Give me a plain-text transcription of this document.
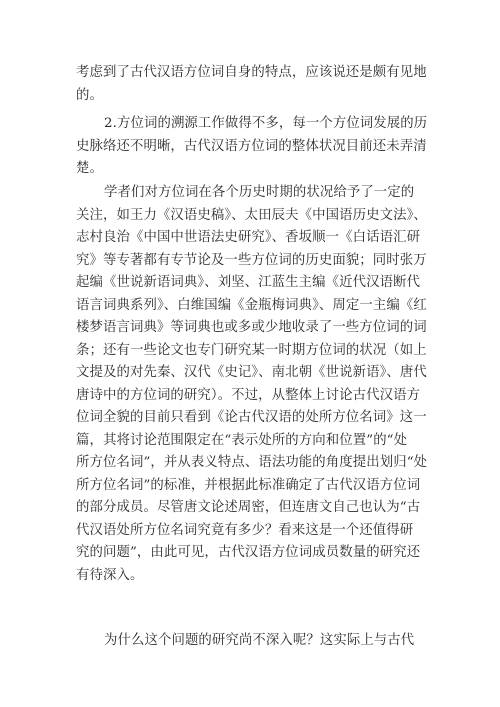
考虑到了古代汉语方位词自身的特点，应该说还是颇有见地
的。
2.方位词的溯源工作做得不多，每一个方位词发展的历
史脉络还不明晰，古代汉语方位词的整体状况目前还未弄清
楚。
学者们对方位词在各个历史时期的状况给予了一定的
关注，如王力《汉语史稿》、太田辰夫《中国语历史文法》、
志村良治《中国中世语法史研究》、香坂顺一《白话语汇研
究》等专著都有专节论及一些方位词的历史面貌；同时张万
起编《世说新语词典》、刘坚、江蓝生主编《近代汉语断代
语言词典系列》、白维国编《金瓶梅词典》、周定一主编《红
楼梦语言词典》等词典也或多或少地收录了一些方位词的词
条；还有一些论文也专门研究某一时期方位词的状况（如上
文提及的对先秦、汉代《史记》、南北朝《世说新语》、唐代
唐诗中的方位词的研究）。不过，从整体上讨论古代汉语方
位词全貌的目前只看到《论古代汉语的处所方位名词》这一
篇，其将讨论范围限定在“表示处所的方向和位置”的“处
所方位名词”，并从表义特点、语法功能的角度提出划归“处
所方位名词”的标准，并根据此标准确定了古代汉语方位词
的部分成员。尽管唐文论述周密，但连唐文自己也认为“古
代汉语处所方位名词究竟有多少？看来这是一个还值得研
究的问题”，由此可见，古代汉语方位词成员数量的研究还
有待深入。
为什么这个问题的研究尚不深入呢？这实际上与古代
